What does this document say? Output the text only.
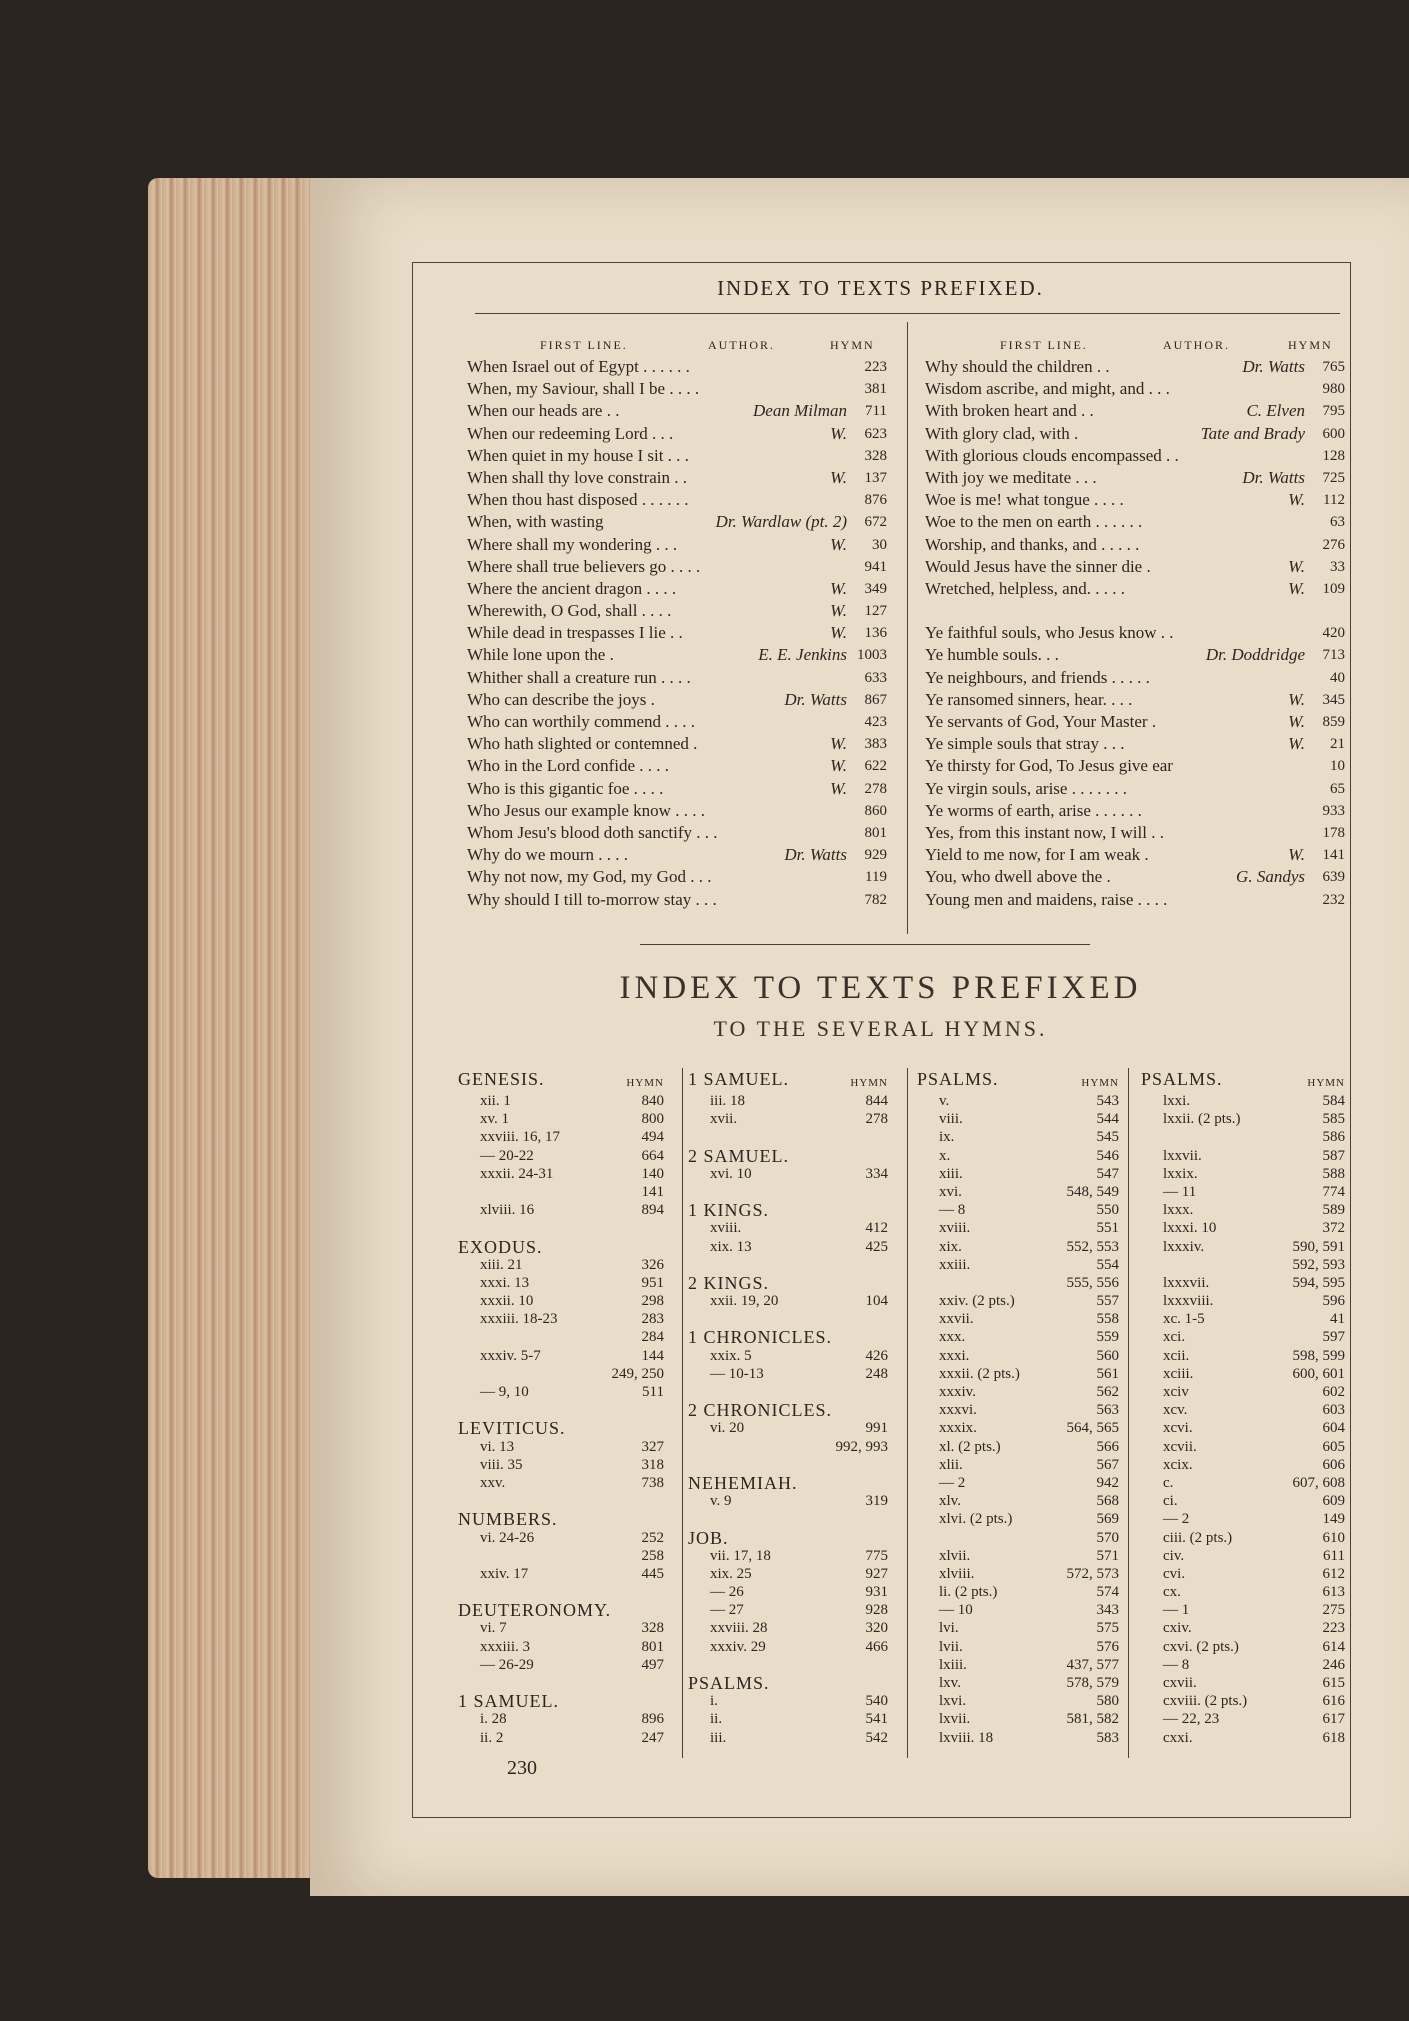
INDEX TO TEXTS PREFIXED.
FIRST LINE.	AUTHOR.	HYMN	FIRST LINE.	AUTHOR.	HYMN
When Israel out of Egypt . . . . . .	223
When, my Saviour, shall I be . . . .	381
When our heads are . .	Dean Milman	711
When our redeeming Lord . . .	W.	623
When quiet in my house I sit . . .	328
When shall thy love constrain . .	W.	137
When thou hast disposed . . . . . .	876
When, with wasting	Dr. Wardlaw (pt. 2)	672
Where shall my wondering . . .	W.	30
Where shall true believers go . . . .	941
Where the ancient dragon . . . .	W.	349
Wherewith, O God, shall . . . .	W.	127
While dead in trespasses I lie . .	W.	136
While lone upon the .	E. E. Jenkins 1003
Whither shall a creature run . . . .	633
Who can describe the joys .	Dr. Watts	867
Who can worthily commend . . . .	423
Who hath slighted or contemned .	W.	383
Who in the Lord confide . . . .	W.	622
Who is this gigantic foe . . . .	W.	278
Who Jesus our example know . . . .	860
Whom Jesu's blood doth sanctify . . .	801
Why do we mourn . . . .	Dr. Watts	929
Why not now, my God, my God . . .	119
Why should I till to-morrow stay . . .	782
Why should the children . .	Dr. Watts	765
Wisdom ascribe, and might, and . . .	980
With broken heart and . .	C. Elven	795
With glory clad, with .	Tate and Brady	600
With glorious clouds encompassed . .	128
With joy we meditate . . .	Dr. Watts	725
Woe is me! what tongue . . . .	W.	112
Woe to the men on earth . . . . . .	63
Worship, and thanks, and . . . . .	276
Would Jesus have the sinner die .	W.	33
Wretched, helpless, and. . . . .	W.	109
Ye faithful souls, who Jesus know . .	420
Ye humble souls. . .	Dr. Doddridge	713
Ye neighbours, and friends . . . . .	40
Ye ransomed sinners, hear. . . .	W.	345
Ye servants of God, Your Master .	W.	859
Ye simple souls that stray . . .	W.	21
Ye thirsty for God, To Jesus give ear	10
Ye virgin souls, arise . . . . . . .	65
Ye worms of earth, arise . . . . . .	933
Yes, from this instant now, I will . .	178
Yield to me now, for I am weak .	W.	141
You, who dwell above the .	G. Sandys	639
Young men and maidens, raise . . . .	232
INDEX TO TEXTS PREFIXED
TO THE SEVERAL HYMNS.
GENESIS.	HYMN
xii. 1	840
xv. 1	800
xxviii. 16, 17	494
— 20-22	664
xxxii. 24-31	140
141
xlviii. 16	894
EXODUS.
xiii. 21	326
xxxi. 13	951
xxxii. 10	298
xxxiii. 18-23	283
284
xxxiv. 5-7	144
249, 250
— 9, 10	511
LEVITICUS.
vi. 13	327
viii. 35	318
xxv.	738
NUMBERS.
vi. 24-26	252
258
xxiv. 17	445
DEUTERONOMY.
vi. 7	328
xxxiii. 3	801
— 26-29	497
1 SAMUEL.
i. 28	896
ii. 2	247
1 SAMUEL.	HYMN
iii. 18	844
xvii.	278
2 SAMUEL.
xvi. 10	334
1 KINGS.
xviii.	412
xix. 13	425
2 KINGS.
xxii. 19, 20	104
1 CHRONICLES.
xxix. 5	426
— 10-13	248
2 CHRONICLES.
vi. 20	991
992, 993
NEHEMIAH.
v. 9	319
JOB.
vii. 17, 18	775
xix. 25	927
— 26	931
— 27	928
xxviii. 28	320
xxxiv. 29	466
PSALMS.
i.	540
ii.	541
iii.	542
PSALMS.	HYMN
v.	543
viii.	544
ix.	545
x.	546
xiii.	547
xvi.	548, 549
— 8	550
xviii.	551
xix.	552, 553
xxiii.	554
555, 556
xxiv. (2 pts.)	557
xxvii.	558
xxx.	559
xxxi.	560
xxxii. (2 pts.)	561
xxxiv.	562
xxxvi.	563
xxxix.	564, 565
xl. (2 pts.)	566
xlii.	567
— 2	942
xlv.	568
xlvi. (2 pts.)	569
570
xlvii.	571
xlviii.	572, 573
li. (2 pts.)	574
— 10	343
lvi.	575
lvii.	576
lxiii.	437, 577
lxv.	578, 579
lxvi.	580
lxvii.	581, 582
lxviii. 18	583
PSALMS.	HYMN
lxxi.	584
lxxii. (2 pts.)	585
586
lxxvii.	587
lxxix.	588
— 11	774
lxxx.	589
lxxxi. 10	372
lxxxiv.	590, 591
592, 593
lxxxvii.	594, 595
lxxxviii.	596
xc. 1-5	41
xci.	597
xcii.	598, 599
xciii.	600, 601
xciv	602
xcv.	603
xcvi.	604
xcvii.	605
xcix.	606
c.	607, 608
ci.	609
— 2	149
ciii. (2 pts.)	610
civ.	611
cvi.	612
cx.	613
— 1	275
cxiv.	223
cxvi. (2 pts.)	614
— 8	246
cxvii.	615
cxviii. (2 pts.)	616
— 22, 23	617
cxxi.	618
230
